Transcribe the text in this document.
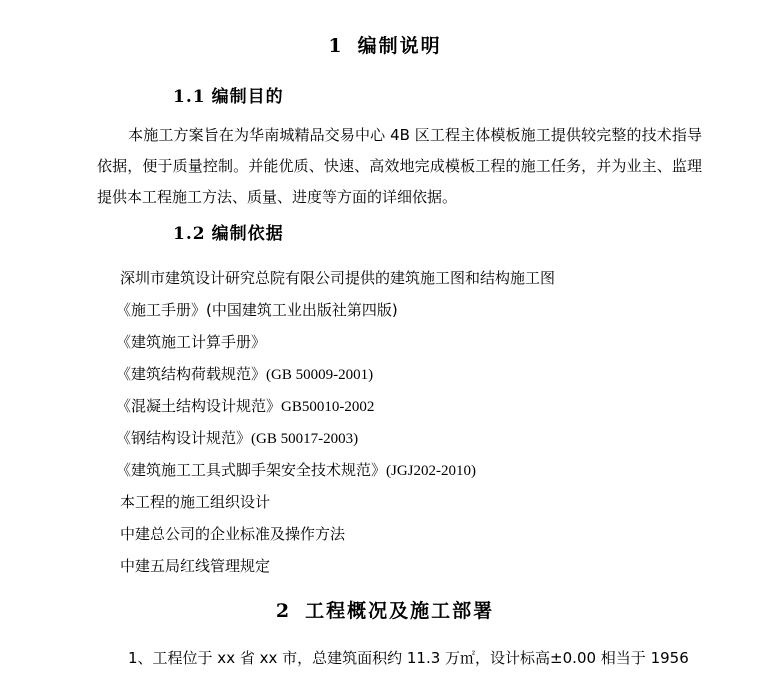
1 编制说明
1.1 编制目的
本施工方案旨在为华南城精品交易中心 4B 区工程主体模板施工提供较完整的技术指导依据，便于质量控制。并能优质、快速、高效地完成模板工程的施工任务，并为业主、监理提供本工程施工方法、质量、进度等方面的详细依据。
1.2 编制依据
深圳市建筑设计研究总院有限公司提供的建筑施工图和结构施工图
《施工手册》(中国建筑工业出版社第四版)
《建筑施工计算手册》
《建筑结构荷载规范》(GB 50009-2001)
《混凝土结构设计规范》GB50010-2002
《钢结构设计规范》(GB 50017-2003)
《建筑施工工具式脚手架安全技术规范》(JGJ202-2010)
本工程的施工组织设计
中建总公司的企业标准及操作方法
中建五局红线管理规定
2 工程概况及施工部署
1、工程位于 xx 省 xx 市，总建筑面积约 11.3 万㎡，设计标高±0.00 相当于 1956
